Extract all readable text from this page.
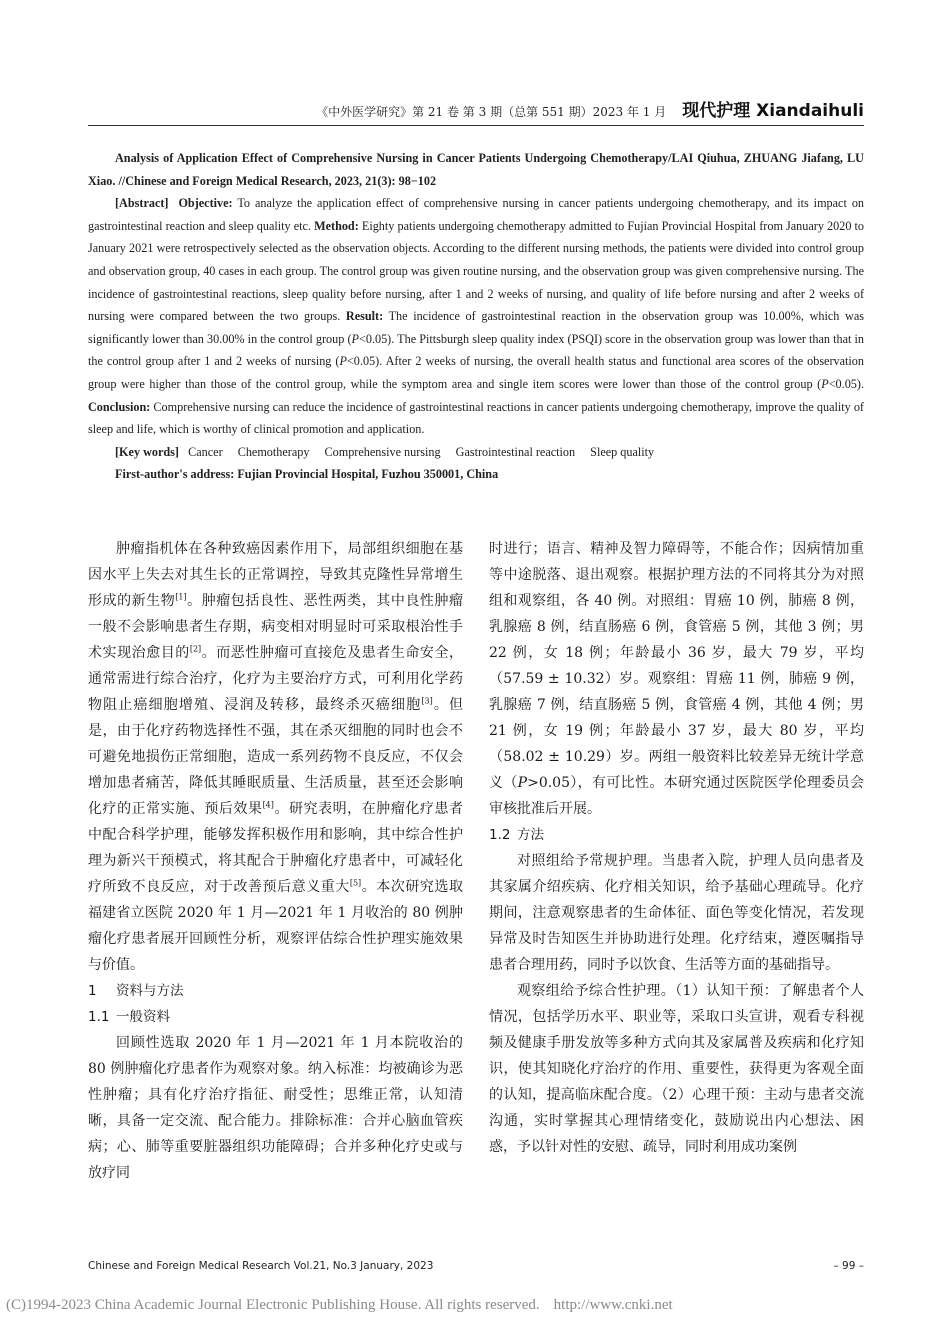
《中外医学研究》第 21 卷 第 3 期（总第 551 期）2023 年 1 月 现代护理 Xiandaihuli

Analysis of Application Effect of Comprehensive Nursing in Cancer Patients Undergoing Chemotherapy/LAI Qiuhua, ZHUANG Jiafang, LU Xiao. //Chinese and Foreign Medical Research, 2023, 21(3): 98−102

[Abstract] Objective: To analyze the application effect of comprehensive nursing in cancer patients undergoing chemotherapy, and its impact on gastrointestinal reaction and sleep quality etc. Method: Eighty patients undergoing chemotherapy admitted to Fujian Provincial Hospital from January 2020 to January 2021 were retrospectively selected as the observation objects. According to the different nursing methods, the patients were divided into control group and observation group, 40 cases in each group. The control group was given routine nursing, and the observation group was given comprehensive nursing. The incidence of gastrointestinal reactions, sleep quality before nursing, after 1 and 2 weeks of nursing, and quality of life before nursing and after 2 weeks of nursing were compared between the two groups. Result: The incidence of gastrointestinal reaction in the observation group was 10.00%, which was significantly lower than 30.00% in the control group (P<0.05). The Pittsburgh sleep quality index (PSQI) score in the observation group was lower than that in the control group after 1 and 2 weeks of nursing (P<0.05). After 2 weeks of nursing, the overall health status and functional area scores of the observation group were higher than those of the control group, while the symptom area and single item scores were lower than those of the control group (P<0.05). Conclusion: Comprehensive nursing can reduce the incidence of gastrointestinal reactions in cancer patients undergoing chemotherapy, improve the quality of sleep and life, which is worthy of clinical promotion and application.

[Key words] Cancer Chemotherapy Comprehensive nursing Gastrointestinal reaction Sleep quality

First-author's address: Fujian Provincial Hospital, Fuzhou 350001, China

肿瘤指机体在各种致癌因素作用下，局部组织细胞在基因水平上失去对其生长的正常调控，导致其克隆性异常增生形成的新生物[1]。肿瘤包括良性、恶性两类，其中良性肿瘤一般不会影响患者生存期，病变相对明显时可采取根治性手术实现治愈目的[2]。而恶性肿瘤可直接危及患者生命安全，通常需进行综合治疗，化疗为主要治疗方式，可利用化学药物阻止癌细胞增殖、浸润及转移，最终杀灭癌细胞[3]。但是，由于化疗药物选择性不强，其在杀灭细胞的同时也会不可避免地损伤正常细胞，造成一系列药物不良反应，不仅会增加患者痛苦，降低其睡眠质量、生活质量，甚至还会影响化疗的正常实施、预后效果[4]。研究表明，在肿瘤化疗患者中配合科学护理，能够发挥积极作用和影响，其中综合性护理为新兴干预模式，将其配合于肿瘤化疗患者中，可减轻化疗所致不良反应，对于改善预后意义重大[5]。本次研究选取福建省立医院 2020 年 1 月—2021 年 1 月收治的 80 例肿瘤化疗患者展开回顾性分析，观察评估综合性护理实施效果与价值。

1 资料与方法

1.1 一般资料

回顾性选取 2020 年 1 月—2021 年 1 月本院收治的 80 例肿瘤化疗患者作为观察对象。纳入标准：均被确诊为恶性肿瘤；具有化疗治疗指征、耐受性；思维正常，认知清晰，具备一定交流、配合能力。排除标准：合并心脑血管疾病；心、肺等重要脏器组织功能障碍；合并多种化疗史或与放疗同

时进行；语言、精神及智力障碍等，不能合作；因病情加重等中途脱落、退出观察。根据护理方法的不同将其分为对照组和观察组，各 40 例。对照组：胃癌 10 例，肺癌 8 例，乳腺癌 8 例，结直肠癌 6 例，食管癌 5 例，其他 3 例；男 22 例，女 18 例；年龄最小 36 岁，最大 79 岁，平均（57.59 ± 10.32）岁。观察组：胃癌 11 例，肺癌 9 例，乳腺癌 7 例，结直肠癌 5 例，食管癌 4 例，其他 4 例；男 21 例，女 19 例；年龄最小 37 岁，最大 80 岁，平均（58.02 ± 10.29）岁。两组一般资料比较差异无统计学意义（P>0.05），有可比性。本研究通过医院医学伦理委员会审核批准后开展。

1.2 方法

对照组给予常规护理。当患者入院，护理人员向患者及其家属介绍疾病、化疗相关知识，给予基础心理疏导。化疗期间，注意观察患者的生命体征、面色等变化情况，若发现异常及时告知医生并协助进行处理。化疗结束，遵医嘱指导患者合理用药，同时予以饮食、生活等方面的基础指导。

观察组给予综合性护理。（1）认知干预：了解患者个人情况，包括学历水平、职业等，采取口头宣讲，观看专科视频及健康手册发放等多种方式向其及家属普及疾病和化疗知识，使其知晓化疗治疗的作用、重要性，获得更为客观全面的认知，提高临床配合度。（2）心理干预：主动与患者交流沟通，实时掌握其心理情绪变化，鼓励说出内心想法、困惑，予以针对性的安慰、疏导，同时利用成功案例

Chinese and Foreign Medical Research Vol.21, No.3 January, 2023	– 99 –
(C)1994-2023 China Academic Journal Electronic Publishing House. All rights reserved. http://www.cnki.net
